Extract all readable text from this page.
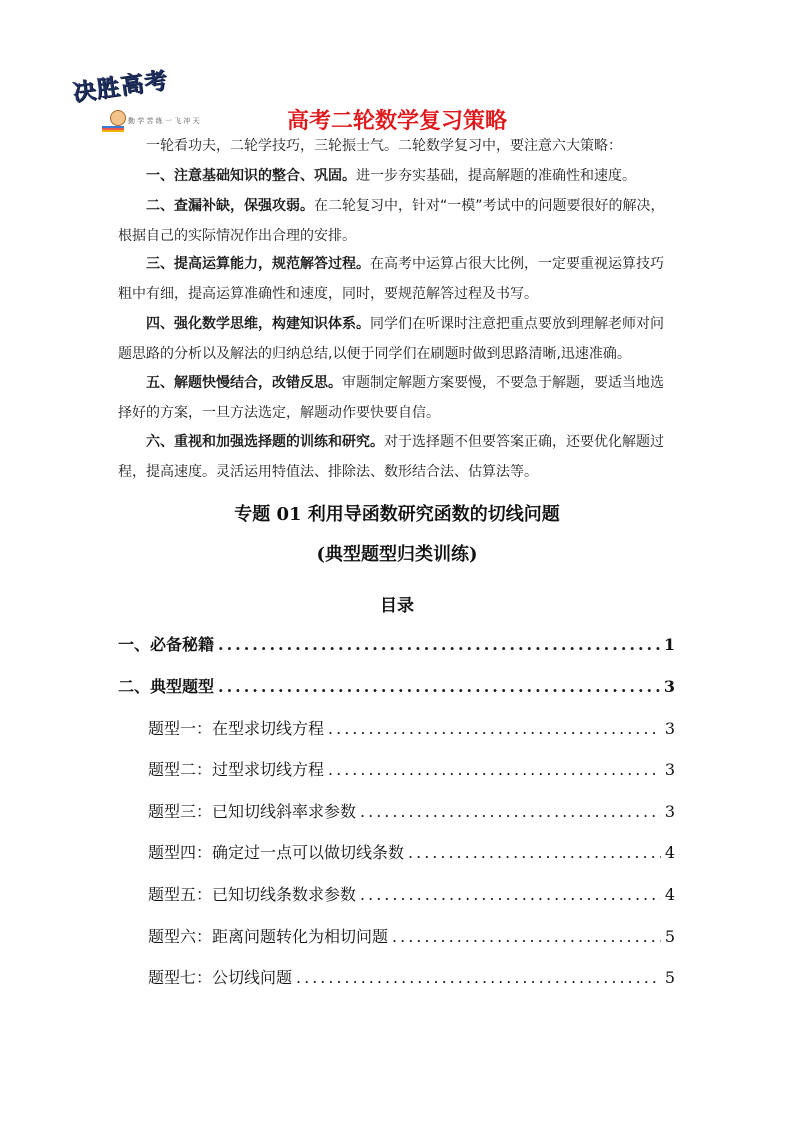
决胜高考
勤 学 苦 练 一 飞 冲 天	高考二轮数学复习策略
一轮看功夫，二轮学技巧，三轮振士气。二轮数学复习中，要注意六大策略：
一、注意基础知识的整合、巩固。进一步夯实基础，提高解题的准确性和速度。
二、查漏补缺，保强攻弱。在二轮复习中，针对“一模”考试中的问题要很好的解决，根据自己的实际情况作出合理的安排。
三、提高运算能力，规范解答过程。在高考中运算占很大比例，一定要重视运算技巧粗中有细，提高运算准确性和速度，同时，要规范解答过程及书写。
四、强化数学思维，构建知识体系。同学们在听课时注意把重点要放到理解老师对问题思路的分析以及解法的归纳总结,以便于同学们在刷题时做到思路清晰,迅速准确。
五、解题快慢结合，改错反思。审题制定解题方案要慢，不要急于解题，要适当地选择好的方案，一旦方法选定，解题动作要快要自信。
六、重视和加强选择题的训练和研究。对于选择题不但要答案正确，还要优化解题过程，提高速度。灵活运用特值法、排除法、数形结合法、估算法等。
专题 01 利用导函数研究函数的切线问题
(典型题型归类训练)
目录
一、必备秘籍 .....	1
二、典型题型 .....	3
题型一：在型求切线方程 .....	3
题型二：过型求切线方程 .....	3
题型三：已知切线斜率求参数 .....	3
题型四：确定过一点可以做切线条数 .....	4
题型五：已知切线条数求参数 .....	4
题型六：距离问题转化为相切问题 .....	5
题型七：公切线问题 .....	5
